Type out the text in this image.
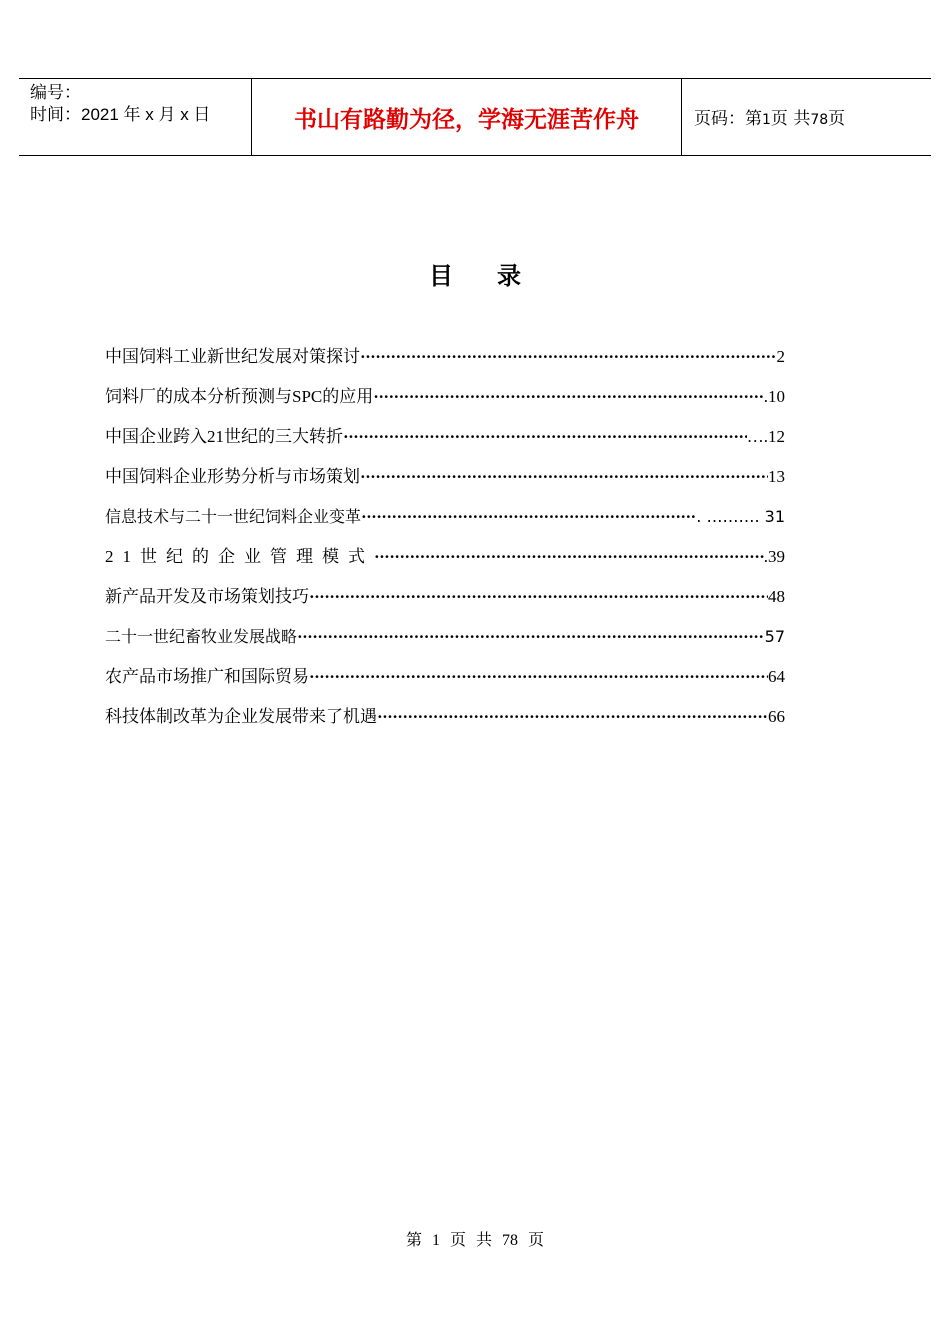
编号：
时间：2021 年 x 月 x 日	书山有路勤为径，学海无涯苦作舟	页码：第1页 共78页
目录
中国饲料工业新世纪发展对策探讨 ·····	2
饲料厂的成本分析预测与SPC的应用 ·····	.10
中国企业跨入21世纪的三大转折 ·····	….12
中国饲料企业形势分析与市场策划 ·····	13
信息技术与二十一世纪饲料企业变革 ·····	. ………. 31
21世纪的企业管理模式 ·····	.39
新产品开发及市场策划技巧 ·····	48
二十一世纪畜牧业发展战略 ·····	57
农产品市场推广和国际贸易 ·····	64
科技体制改革为企业发展带来了机遇 ·····	66
第 1 页 共 78 页
